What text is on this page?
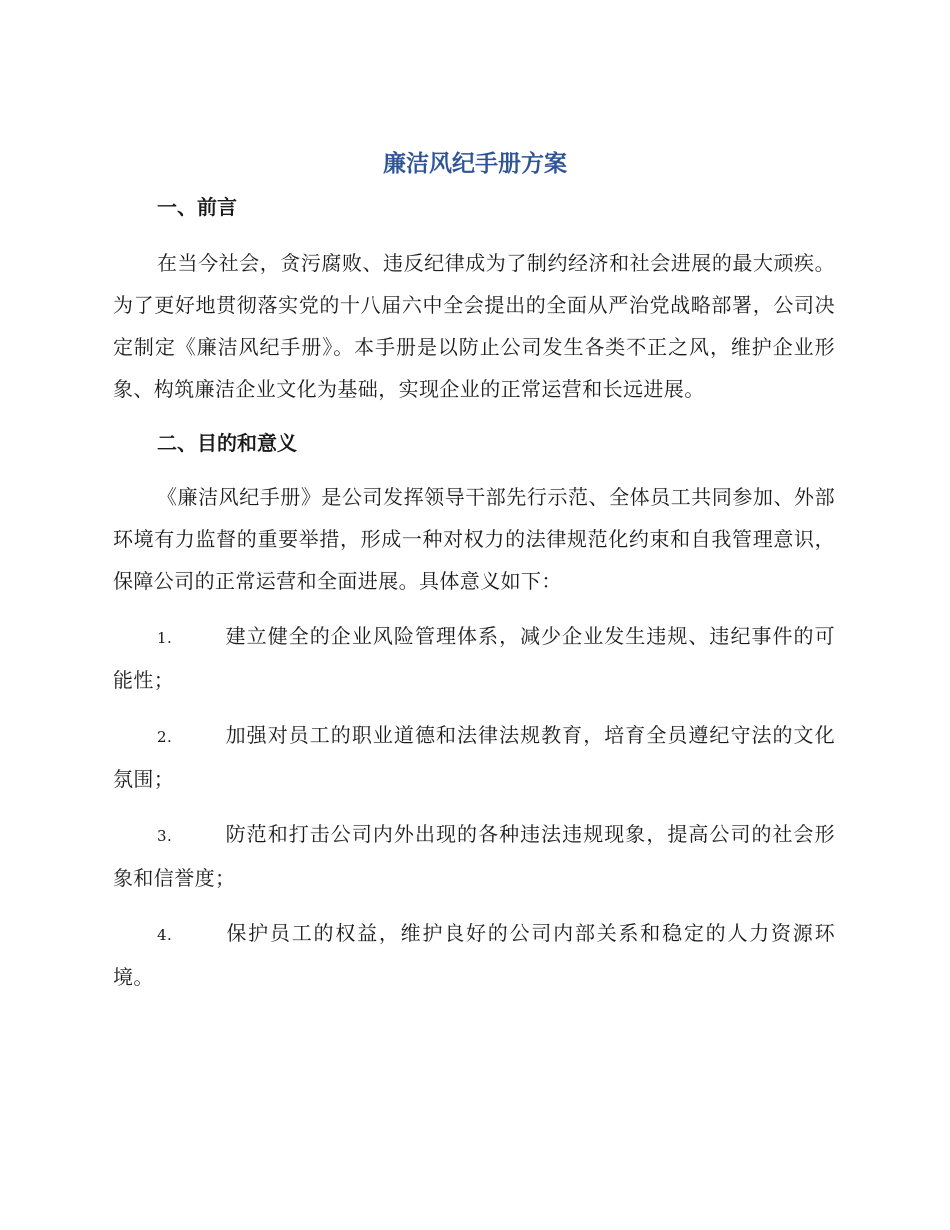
廉洁风纪手册方案
一、前言

在当今社会，贪污腐败、违反纪律成为了制约经济和社会进展的最大顽疾。为了更好地贯彻落实党的十八届六中全会提出的全面从严治党战略部署，公司决定制定《廉洁风纪手册》。本手册是以防止公司发生各类不正之风，维护企业形象、构筑廉洁企业文化为基础，实现企业的正常运营和长远进展。

二、目的和意义

《廉洁风纪手册》是公司发挥领导干部先行示范、全体员工共同参加、外部环境有力监督的重要举措，形成一种对权力的法律规范化约束和自我管理意识，保障公司的正常运营和全面进展。具体意义如下：

1.	建立健全的企业风险管理体系，减少企业发生违规、违纪事件的可能性；

2.	加强对员工的职业道德和法律法规教育，培育全员遵纪守法的文化氛围；

3.	防范和打击公司内外出现的各种违法违规现象，提高公司的社会形象和信誉度；

4.	保护员工的权益，维护良好的公司内部关系和稳定的人力资源环境。
